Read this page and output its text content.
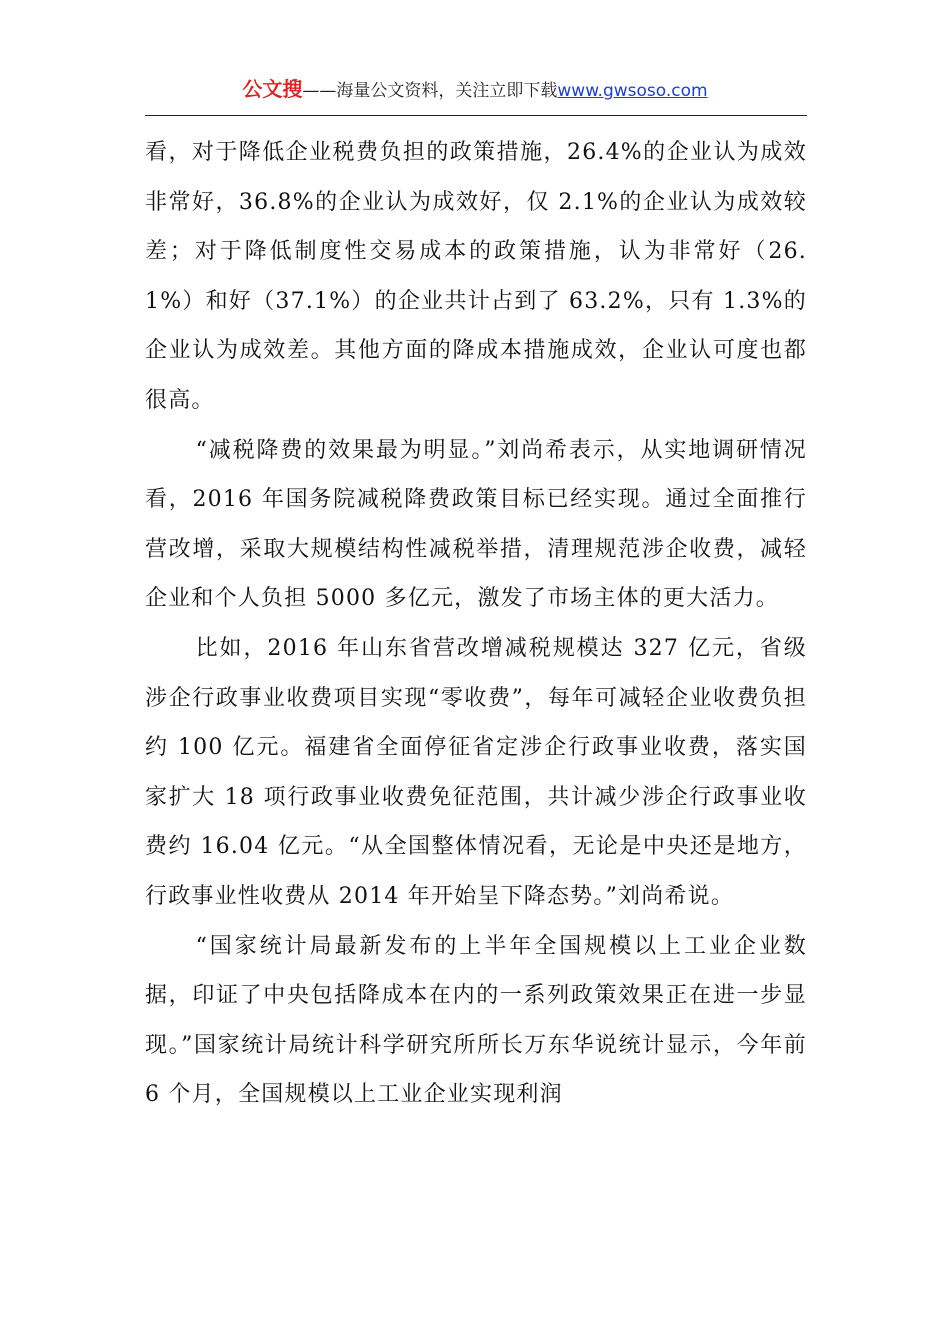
公文搜——海量公文资料，关注立即下载www.gwsoso.com

看，对于降低企业税费负担的政策措施，26.4%的企业认为成效非常好，36.8%的企业认为成效好，仅 2.1%的企业认为成效较差；对于降低制度性交易成本的政策措施，认为非常好（26.1%）和好（37.1%）的企业共计占到了 63.2%，只有 1.3%的企业认为成效差。其他方面的降成本措施成效，企业认可度也都很高。

“减税降费的效果最为明显。”刘尚希表示，从实地调研情况看，2016 年国务院减税降费政策目标已经实现。通过全面推行营改增，采取大规模结构性减税举措，清理规范涉企收费，减轻企业和个人负担 5000 多亿元，激发了市场主体的更大活力。

比如，2016 年山东省营改增减税规模达 327 亿元，省级涉企行政事业收费项目实现“零收费”，每年可减轻企业收费负担约 100 亿元。福建省全面停征省定涉企行政事业收费，落实国家扩大 18 项行政事业收费免征范围，共计减少涉企行政事业收费约 16.04 亿元。“从全国整体情况看，无论是中央还是地方，行政事业性收费从 2014 年开始呈下降态势。”刘尚希说。

“国家统计局最新发布的上半年全国规模以上工业企业数据，印证了中央包括降成本在内的一系列政策效果正在进一步显现。”国家统计局统计科学研究所所长万东华说统计显示，今年前 6 个月，全国规模以上工业企业实现利润
